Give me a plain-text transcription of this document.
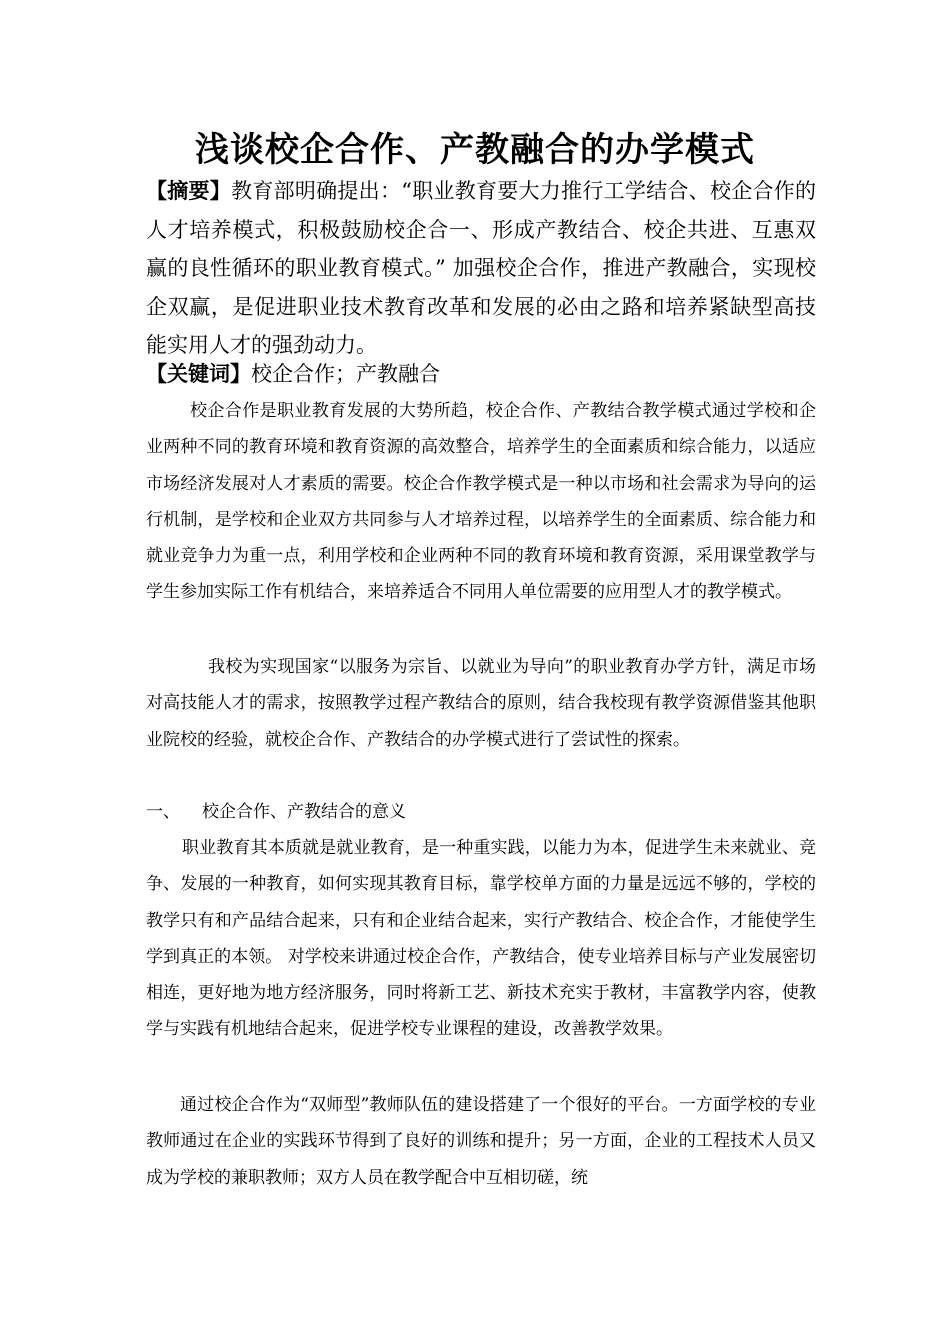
浅谈校企合作、产教融合的办学模式

【摘要】教育部明确提出：“职业教育要大力推行工学结合、校企合作的人才培养模式，积极鼓励校企合一、形成产教结合、校企共进、互惠双赢的良性循环的职业教育模式。” 加强校企合作，推进产教融合，实现校企双赢，是促进职业技术教育改革和发展的必由之路和培养紧缺型高技能实用人才的强劲动力。

【关键词】校企合作；产教融合

校企合作是职业教育发展的大势所趋，校企合作、产教结合教学模式通过学校和企业两种不同的教育环境和教育资源的高效整合，培养学生的全面素质和综合能力，以适应市场经济发展对人才素质的需要。校企合作教学模式是一种以市场和社会需求为导向的运行机制，是学校和企业双方共同参与人才培养过程，以培养学生的全面素质、综合能力和就业竞争力为重一点，利用学校和企业两种不同的教育环境和教育资源，采用课堂教学与学生参加实际工作有机结合，来培养适合不同用人单位需要的应用型人才的教学模式。

我校为实现国家“以服务为宗旨、以就业为导向”的职业教育办学方针，满足市场对高技能人才的需求，按照教学过程产教结合的原则，结合我校现有教学资源借鉴其他职业院校的经验，就校企合作、产教结合的办学模式进行了尝试性的探索。

一、 校企合作、产教结合的意义

职业教育其本质就是就业教育，是一种重实践，以能力为本，促进学生未来就业、竞争、发展的一种教育，如何实现其教育目标，靠学校单方面的力量是远远不够的，学校的教学只有和产品结合起来，只有和企业结合起来，实行产教结合、校企合作，才能使学生学到真正的本领。 对学校来讲通过校企合作，产教结合，使专业培养目标与产业发展密切相连，更好地为地方经济服务，同时将新工艺、新技术充实于教材，丰富教学内容，使教学与实践有机地结合起来，促进学校专业课程的建设，改善教学效果。

通过校企合作为“双师型”教师队伍的建设搭建了一个很好的平台。一方面学校的专业教师通过在企业的实践环节得到了良好的训练和提升；另一方面，企业的工程技术人员又成为学校的兼职教师；双方人员在教学配合中互相切磋，统
